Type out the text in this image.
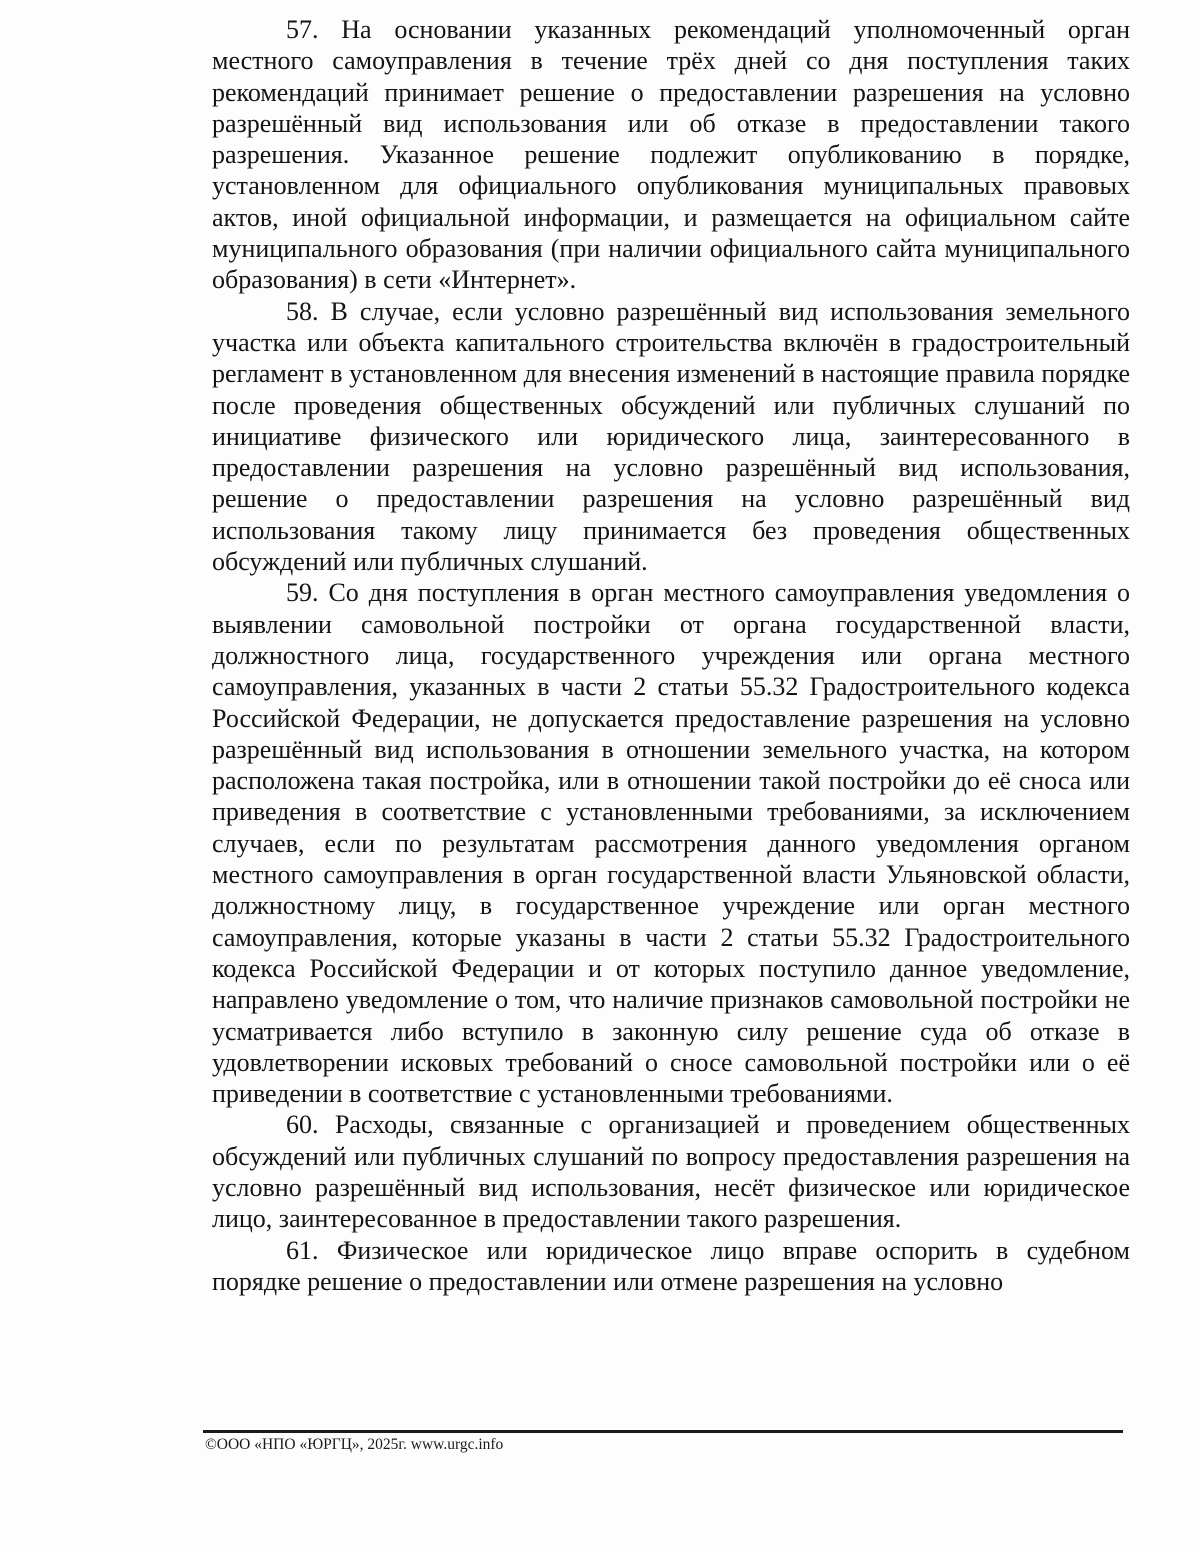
57. На основании указанных рекомендаций уполномоченный орган местного самоуправления в течение трёх дней со дня поступления таких рекомендаций принимает решение о предоставлении разрешения на условно разрешённый вид использования или об отказе в предоставлении такого разрешения. Указанное решение подлежит опубликованию в порядке, установленном для официального опубликования муниципальных правовых актов, иной официальной информации, и размещается на официальном сайте муниципального образования (при наличии официального сайта муниципального образования) в сети «Интернет».

58. В случае, если условно разрешённый вид использования земельного участка или объекта капитального строительства включён в градостроительный регламент в установленном для внесения изменений в настоящие правила порядке после проведения общественных обсуждений или публичных слушаний по инициативе физического или юридического лица, заинтересованного в предоставлении разрешения на условно разрешённый вид использования, решение о предоставлении разрешения на условно разрешённый вид использования такому лицу принимается без проведения общественных обсуждений или публичных слушаний.

59. Со дня поступления в орган местного самоуправления уведомления о выявлении самовольной постройки от органа государственной власти, должностного лица, государственного учреждения или органа местного самоуправления, указанных в части 2 статьи 55.32 Градостроительного кодекса Российской Федерации, не допускается предоставление разрешения на условно разрешённый вид использования в отношении земельного участка, на котором расположена такая постройка, или в отношении такой постройки до её сноса или приведения в соответствие с установленными требованиями, за исключением случаев, если по результатам рассмотрения данного уведомления органом местного самоуправления в орган государственной власти Ульяновской области, должностному лицу, в государственное учреждение или орган местного самоуправления, которые указаны в части 2 статьи 55.32 Градостроительного кодекса Российской Федерации и от которых поступило данное уведомление, направлено уведомление о том, что наличие признаков самовольной постройки не усматривается либо вступило в законную силу решение суда об отказе в удовлетворении исковых требований о сносе самовольной постройки или о её приведении в соответствие с установленными требованиями.

60. Расходы, связанные с организацией и проведением общественных обсуждений или публичных слушаний по вопросу предоставления разрешения на условно разрешённый вид использования, несёт физическое или юридическое лицо, заинтересованное в предоставлении такого разрешения.

61. Физическое или юридическое лицо вправе оспорить в судебном порядке решение о предоставлении или отмене разрешения на условно

©ООО «НПО «ЮРГЦ», 2025г. www.urgc.info
